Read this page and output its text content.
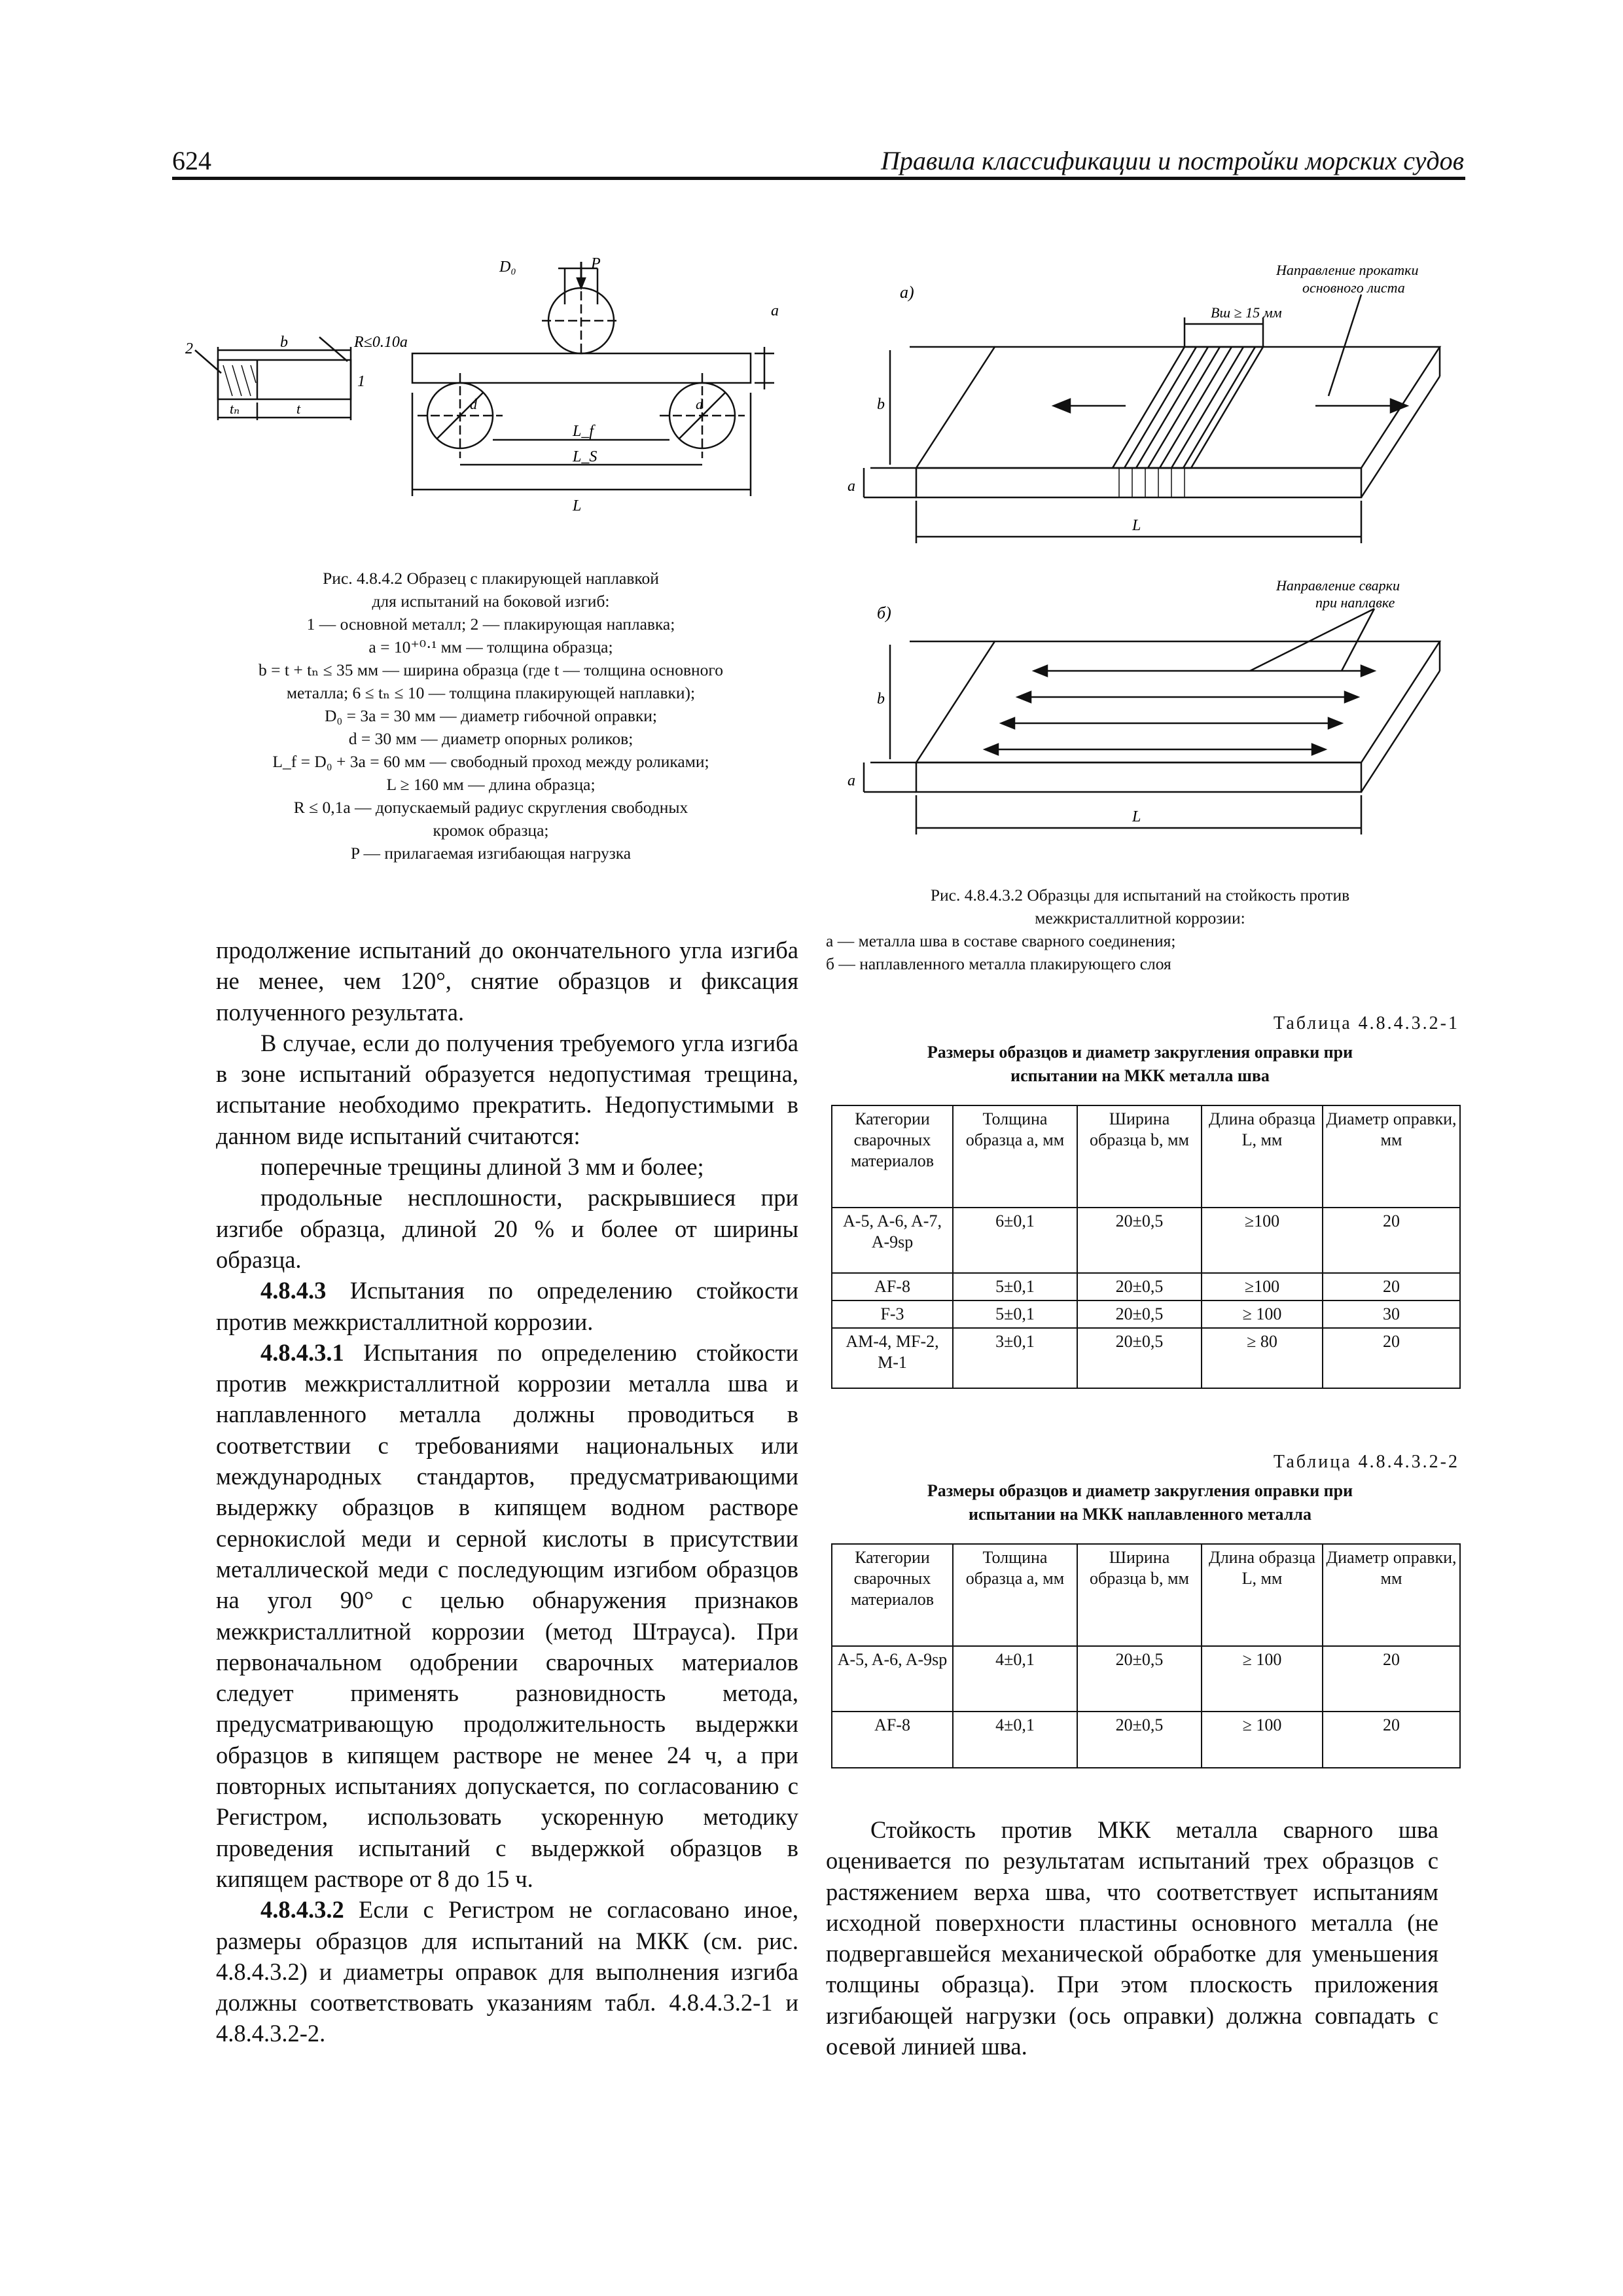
624	Правила классификации и постройки морских судов
D₀	P
a
b	R≤0.10a
2
1
tₙ	t	d	d
L_f
L_S
L
Рис. 4.8.4.2 Образец с плакирующей наплавкой
для испытаний на боковой изгиб:
1 — основной металл; 2 — плакирующая наплавка;
a = 10⁺⁰·¹ мм — толщина образца;
b = t + tₙ ≤ 35 мм — ширина образца (где t — толщина основного
металла; 6 ≤ tₙ ≤ 10 — толщина плакирующей наплавки);
D₀ = 3a = 30 мм — диаметр гибочной оправки;
d = 30 мм — диаметр опорных роликов;
L_f = D₀ + 3a = 60 мм — свободный проход между роликами;
L ≥ 160 мм — длина образца;
R ≤ 0,1a — допускаемый радиус скругления свободных
кромок образца;
P — прилагаемая изгибающая нагрузка
а)
Направление прокатки
основного листа
Bш ≥ 15 мм
b
a
L
Направление сварки
при наплавке
б)
b
a
L
Рис. 4.8.4.3.2 Образцы для испытаний на стойкость против
межкристаллитной коррозии:
а — металла шва в составе сварного соединения;
б — наплавленного металла плакирующего слоя

продолжение испытаний до окончательного угла изгиба не менее, чем 120°, снятие образцов и фиксация полученного результата.

В случае, если до получения требуемого угла изгиба в зоне испытаний образуется недопустимая трещина, испытание необходимо прекратить. Недопустимыми в данном виде испытаний считаются:

поперечные трещины длиной 3 мм и более;

продольные несплошности, раскрывшиеся при изгибе образца, длиной 20 % и более от ширины образца.

4.8.4.3 Испытания по определению стойкости против межкристаллитной коррозии.

4.8.4.3.1 Испытания по определению стойкости против межкристаллитной коррозии металла шва и наплавленного металла должны проводиться в соответствии с требованиями национальных или международных стандартов, предусматривающими выдержку образцов в кипящем водном растворе сернокислой меди и серной кислоты в присутствии металлической меди с последующим изгибом образцов на угол 90° с целью обнаружения признаков межкристаллитной коррозии (метод Штрауса). При первоначальном одобрении сварочных материалов следует применять разновидность метода, предусматривающую продолжительность выдержки образцов в кипящем растворе не менее 24 ч, а при повторных испытаниях допускается, по согласованию с Регистром, использовать ускоренную методику проведения испытаний с выдержкой образцов в кипящем растворе от 8 до 15 ч.

4.8.4.3.2 Если с Регистром не согласовано иное, размеры образцов для испытаний на МКК (см. рис. 4.8.4.3.2) и диаметры оправок для выполнения изгиба должны соответствовать указаниям табл. 4.8.4.3.2-1 и 4.8.4.3.2-2.

Таблица 4.8.4.3.2-1
Размеры образцов и диаметр закругления оправки при
испытании на МКК металла шва
Категории сварочных материалов	Толщина образца a, мм	Ширина образца b, мм	Длина образца L, мм	Диаметр оправки, мм
A-5, A-6, A-7, A-9sp	6±0,1	20±0,5	≥100	20
AF-8	5±0,1	20±0,5	≥100	20
F-3	5±0,1	20±0,5	≥ 100	30
AM-4, MF-2, M-1	3±0,1	20±0,5	≥ 80	20
Таблица 4.8.4.3.2-2
Размеры образцов и диаметр закругления оправки при
испытании на МКК наплавленного металла
Категории сварочных материалов	Толщина образца a, мм	Ширина образца b, мм	Длина образца L, мм	Диаметр оправки, мм
A-5, A-6, A-9sp	4±0,1	20±0,5	≥ 100	20
AF-8	4±0,1	20±0,5	≥ 100	20

Стойкость против МКК металла сварного шва оценивается по результатам испытаний трех образцов с растяжением верха шва, что соответствует испытаниям исходной поверхности пластины основного металла (не подвергавшейся механической обработке для уменьшения толщины образца). При этом плоскость приложения изгибающей нагрузки (ось оправки) должна совпадать с осевой линией шва.
